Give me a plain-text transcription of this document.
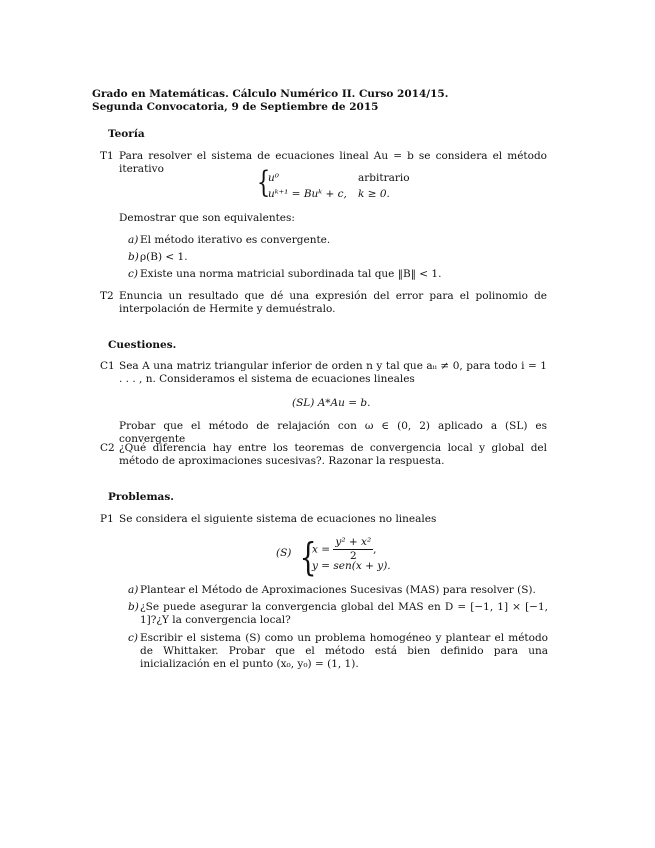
Grado en Matemáticas. Cálculo Numérico II. Curso 2014/15.
Segunda Convocatoria, 9 de Septiembre de 2015
Teoría
T1 Para resolver el sistema de ecuaciones lineal Au = b se considera el método iterativo	{
u⁰	arbitrario
uᵏ⁺¹ = Buᵏ + c, k ≥ 0.
Demostrar que son equivalentes:
a) El método iterativo es convergente.
b) ρ(B) < 1.
c) Existe una norma matricial subordinada tal que ‖B‖ < 1.
T2 Enuncia un resultado que dé una expresión del error para el polinomio de interpolación de Hermite y demuéstralo.
Cuestiones.
C1 Sea A una matriz triangular inferior de orden n y tal que aᵢᵢ ≠ 0, para todo i = 1 . . . , n. Consideramos el sistema de ecuaciones lineales
(SL) A*Au = b.
Probar que el método de relajación con ω ∈ (0, 2) aplicado a (SL) es convergente
C2 ¿Qué diferencia hay entre los teoremas de convergencia local y global del método de aproximaciones sucesivas?. Razonar la respuesta.
Problemas.
P1 Se considera el siguiente sistema de ecuaciones no lineales
(S) {
$x = \frac{\text{y² + x²}}{2}$ ,
y = sen(x + y).
a) Plantear el Método de Aproximaciones Sucesivas (MAS) para resolver (S).
b) ¿Se puede asegurar la convergencia global del MAS en D = [−1, 1] × [−1, 1]?¿Y la convergencia local?
c) Escribir el sistema (S) como un problema homogéneo y plantear el método de Whittaker. Probar que el método está bien definido para una inicialización en el punto (x₀, y₀) = (1, 1).
